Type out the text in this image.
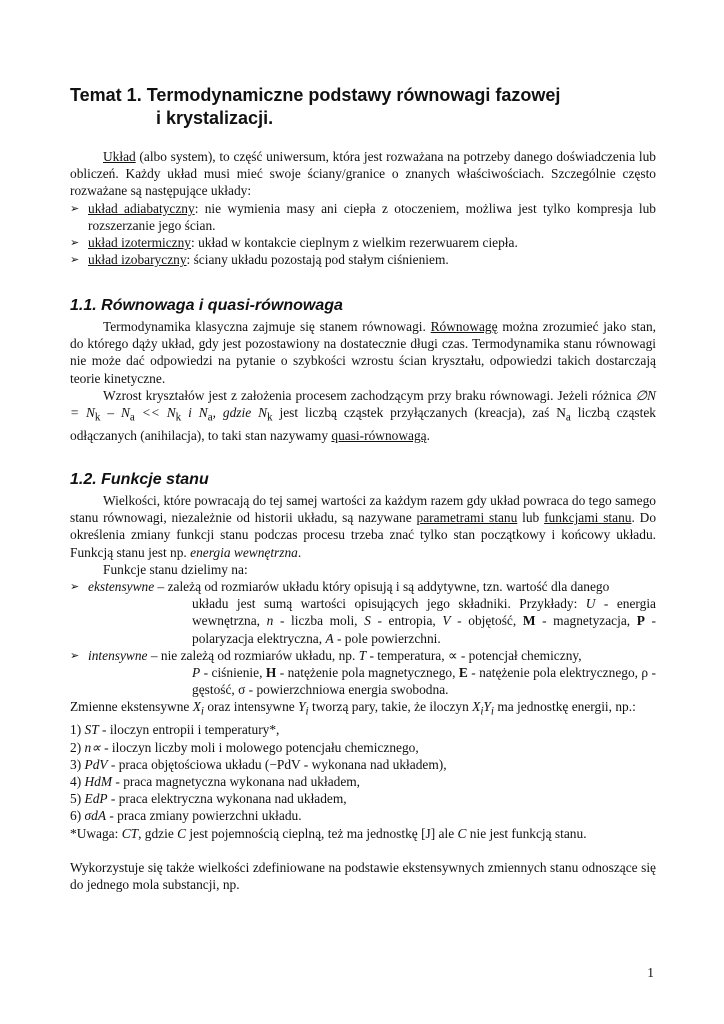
Temat 1. Termodynamiczne podstawy równowagi fazowej
i krystalizacji.

Układ (albo system), to część uniwersum, która jest rozważana na potrzeby danego doświadczenia lub obliczeń. Każdy układ musi mieć swoje ściany/granice o znanych właściwościach. Szczególnie często rozważane są następujące układy:

➢ układ adiabatyczny: nie wymienia masy ani ciepła z otoczeniem, możliwa jest tylko kompresja lub rozszerzanie jego ścian.
➢ układ izotermiczny: układ w kontakcie cieplnym z wielkim rezerwuarem ciepła.
➢ układ izobaryczny: ściany układu pozostają pod stałym ciśnieniem.
1.1. Równowaga i quasi-równowaga

Termodynamika klasyczna zajmuje się stanem równowagi. Równowagę można zrozumieć jako stan, do którego dąży układ, gdy jest pozostawiony na dostatecznie długi czas. Termodynamika stanu równowagi nie może dać odpowiedzi na pytanie o szybkości wzrostu ścian kryształu, odpowiedzi takich dostarczają teorie kinetyczne.

Wzrost kryształów jest z założenia procesem zachodzącym przy braku równowagi. Jeżeli różnica ∅N = $N_k - N_a << N_k$ i $N_a$, gdzie $N_k$ jest liczbą cząstek przyłączanych (kreacja), zaś $N_a$ liczbą cząstek odłączanych (anihilacja), to taki stan nazywamy quasi-równowagą.

1.2. Funkcje stanu

Wielkości, które powracają do tej samej wartości za każdym razem gdy układ powraca do tego samego stanu równowagi, niezależnie od historii układu, są nazywane parametrami stanu lub funkcjami stanu. Do określenia zmiany funkcji stanu podczas procesu trzeba znać tylko stan początkowy i końcowy układu. Funkcją stanu jest np. energia wewnętrzna.

Funkcje stanu dzielimy na:

➢ ekstensywne – zależą od rozmiarów układu który opisują i są addytywne, tzn. wartość dla danego
układu jest sumą wartości opisujących jego składniki. Przykłady: U - energia wewnętrzna, n - liczba moli, S - entropia, V - objętość, M - magnetyzacja, P - polaryzacja elektryczna, A - pole powierzchni.
➢ intensywne – nie zależą od rozmiarów układu, np. T - temperatura, ∝ - potencjał chemiczny,
P - ciśnienie, H - natężenie pola magnetycznego, E - natężenie pola elektrycznego, ρ - gęstość, σ - powierzchniowa energia swobodna.

Zmienne ekstensywne $X_i$ oraz intensywne $Y_i$ tworzą pary, takie, że iloczyn $X_iY_i$ ma jednostkę energii, np.:

1) ST - iloczyn entropii i temperatury*,
2) n∝ - iloczyn liczby moli i molowego potencjału chemicznego,
3) PdV - praca objętościowa układu (−PdV - wykonana nad układem),
4) HdM - praca magnetyczna wykonana nad układem,
5) EdP - praca elektryczna wykonana nad układem,
6) σdA - praca zmiany powierzchni układu.

*Uwaga: CT, gdzie C jest pojemnością cieplną, też ma jednostkę [J] ale C nie jest funkcją stanu.

Wykorzystuje się także wielkości zdefiniowane na podstawie ekstensywnych zmiennych stanu odnoszące się do jednego mola substancji, np.

1
